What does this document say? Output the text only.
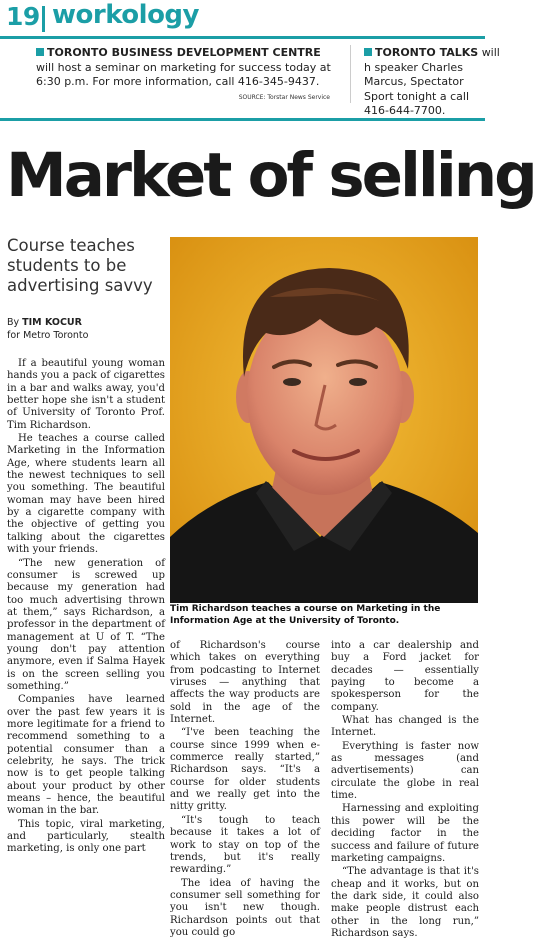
19 workology
TORONTO BUSINESS DEVELOPMENT CENTRE will host a seminar on marketing for success today at 6:30 p.m. For more information, call 416-345-9437.
TORONTO TALKS will h speaker Charles Marcus, Spectator Sport tonight a call 416-644-7700.
SOURCE: Torstar News Service
Market of selling
Course teaches students to be advertising savvy
By TIM KOCUR
for Metro Toronto
Tim Richardson teaches a course on Marketing in the Information Age at the University of Toronto.

If a beautiful young woman hands you a pack of cigarettes in a bar and walks away, you'd better hope she isn't a student of University of Toronto Prof. Tim Richardson.

He teaches a course called Marketing in the Information Age, where students learn all the newest techniques to sell you something. The beautiful woman may have been hired by a cigarette company with the objective of getting you talking about the cigarettes with your friends.

“The new generation of consumer is screwed up because my generation had too much advertising thrown at them,” says Richardson, a professor in the department of management at U of T. “The young don't pay attention anymore, even if Salma Hayek is on the screen selling you something.”

Companies have learned over the past few years it is more legitimate for a friend to recommend something to a potential consumer than a celebrity, he says. The trick now is to get people talking about your product by other means – hence, the beautiful woman in the bar.

This topic, viral marketing, and particularly, stealth marketing, is only one part

of Richardson's course which takes on everything from podcasting to Internet viruses — anything that affects the way products are sold in the age of the Internet.

“I've been teaching the course since 1999 when e-commerce really started,” Richardson says. “It's a course for older students and we really get into the nitty gritty.

“It's tough to teach because it takes a lot of work to stay on top of the trends, but it's really rewarding.”

The idea of having the consumer sell something for you isn't new though. Richardson points out that you could go

into a car dealership and buy a Ford jacket for decades — essentially paying to become a spokesperson for the company.

What has changed is the Internet.

Everything is faster now as messages (and advertisements) can circulate the globe in real time.

Harnessing and exploiting this power will be the deciding factor in the success and failure of future marketing campaigns.

“The advantage is that it's cheap and it works, but on the dark side, it could also make people distrust each other in the long run,” Richardson says.
